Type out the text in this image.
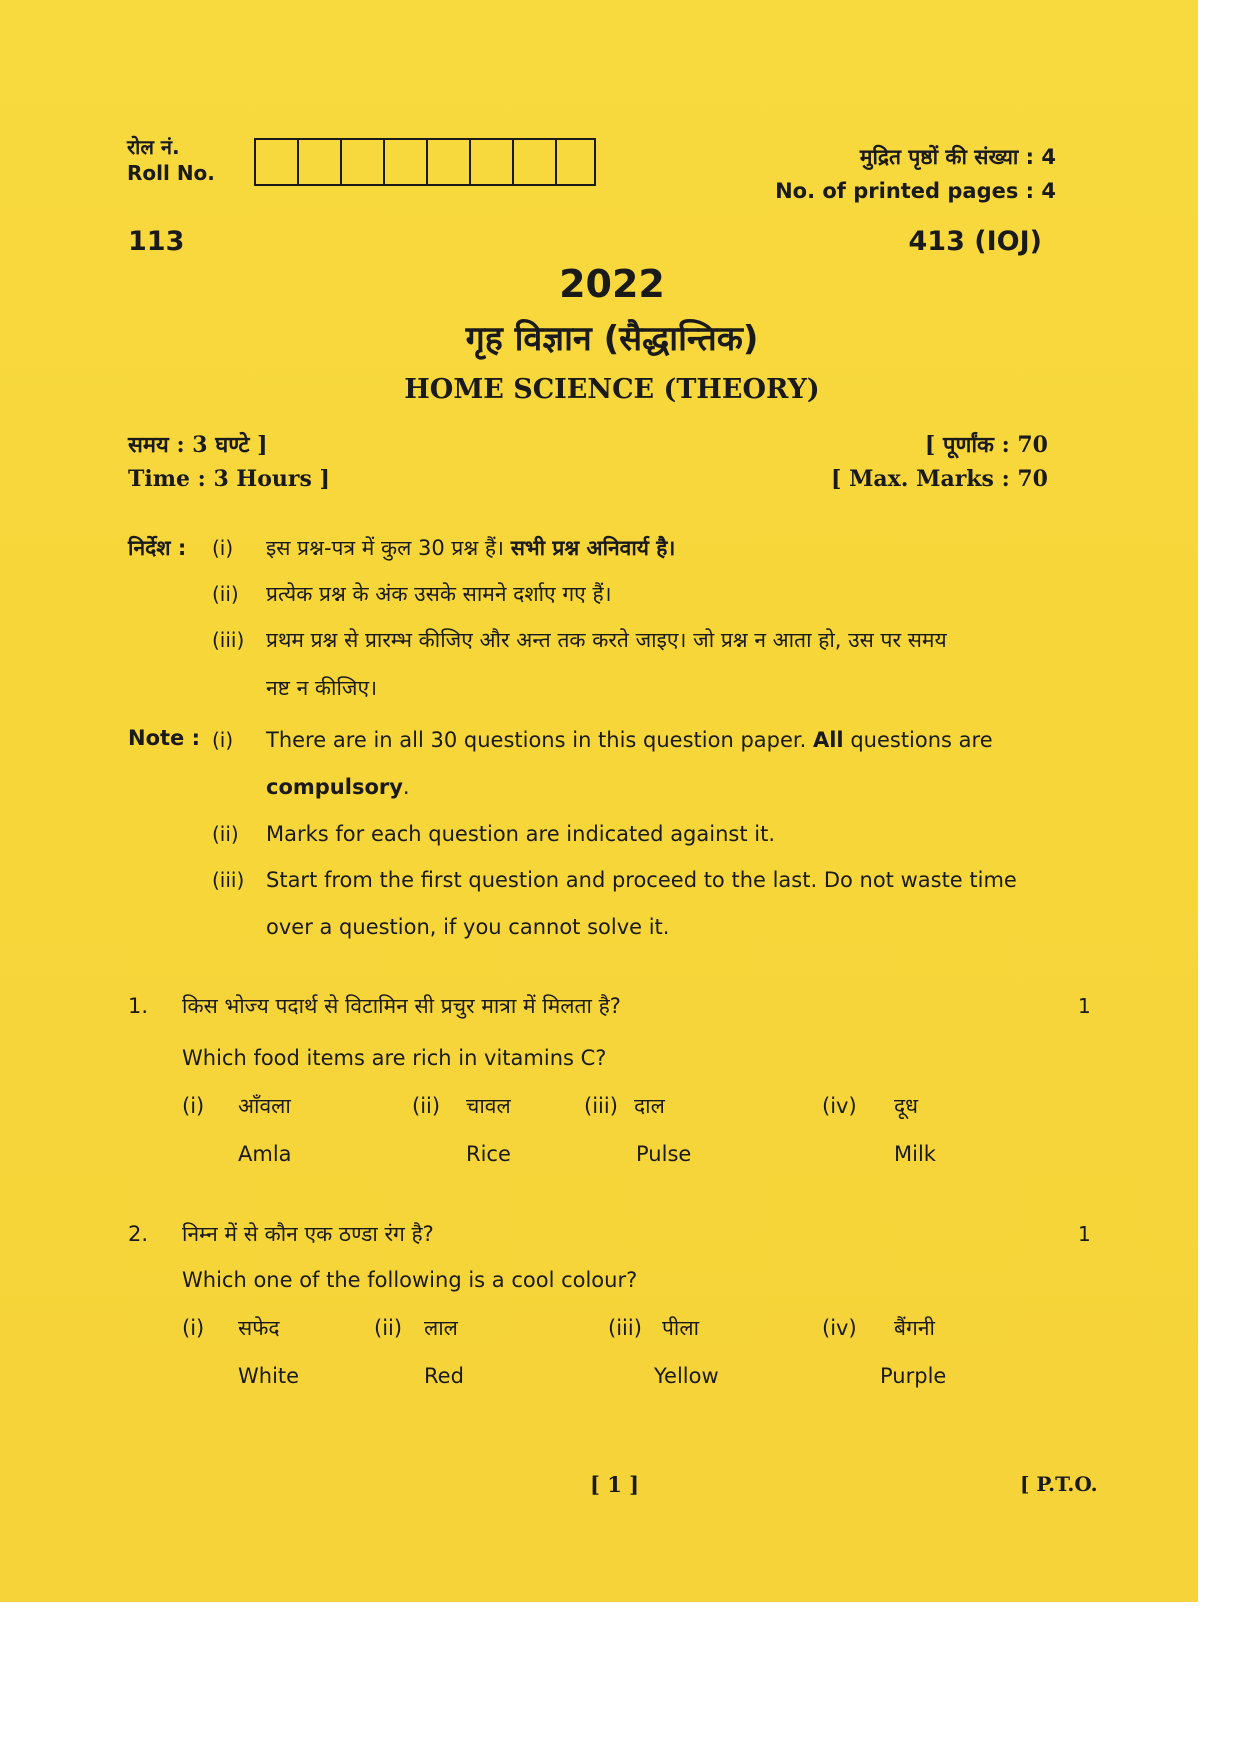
रोल नं.
Roll No.
मुद्रित पृष्ठों की संख्या : 4
No. of printed pages : 4
113	413 (IOJ)
2022
गृह विज्ञान (सैद्धान्तिक)
HOME SCIENCE (THEORY)
समय : 3 घण्टे ]
Time : 3 Hours ]
[ पूर्णांक : 70
[ Max. Marks : 70
निर्देश : (i) इस प्रश्न-पत्र में कुल 30 प्रश्न हैं। सभी प्रश्न अनिवार्य है।
(ii) प्रत्येक प्रश्न के अंक उसके सामने दर्शाए गए हैं।
(iii) प्रथम प्रश्न से प्रारम्भ कीजिए और अन्त तक करते जाइए। जो प्रश्न न आता हो, उस पर समय
नष्ट न कीजिए।
Note : (i) There are in all 30 questions in this question paper. All questions are
compulsory.
(ii) Marks for each question are indicated against it.
(iii) Start from the first question and proceed to the last. Do not waste time
over a question, if you cannot solve it.
1. किस भोज्य पदार्थ से विटामिन सी प्रचुर मात्रा में मिलता है?	1
Which food items are rich in vitamins C?
(i) आँवला
Amla
(ii) चावल
Rice
(iii) दाल
Pulse
(iv) दूध
Milk
2. निम्न में से कौन एक ठण्डा रंग है?	1
Which one of the following is a cool colour?
(i) सफेद
White
(ii) लाल
Red
(iii) पीला
Yellow
(iv) बैंगनी
Purple
[ 1 ]	[ P.T.O.
